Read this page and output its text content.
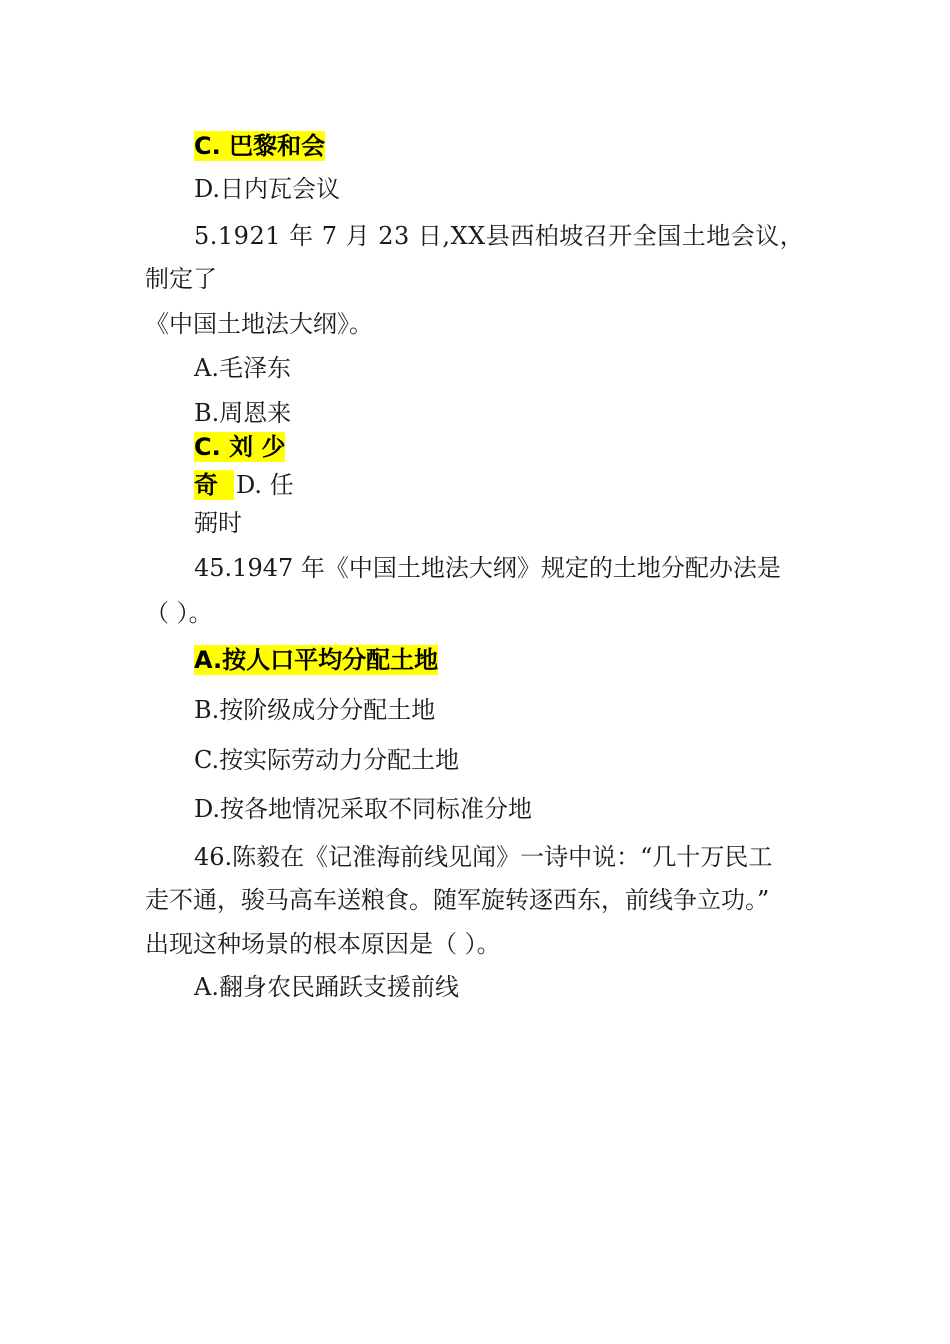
C. 巴黎和会
D.日内瓦会议
5.1921 年 7 月 23 日,XX县西柏坡召开全国土地会议，
制定了
《中国土地法大纲》。
A.毛泽东
B.周恩来
C. 刘 少
奇 D. 任
弼时
45.1947 年《中国土地法大纲》规定的土地分配办法是
（ ）。
A.按人口平均分配土地
B.按阶级成分分配土地
C.按实际劳动力分配土地
D.按各地情况采取不同标准分地
46.陈毅在《记淮海前线见闻》一诗中说：“几十万民工
走不通，骏马高车送粮食。随军旋转逐西东，前线争立功。”
出现这种场景的根本原因是（ ）。
A.翻身农民踊跃支援前线
